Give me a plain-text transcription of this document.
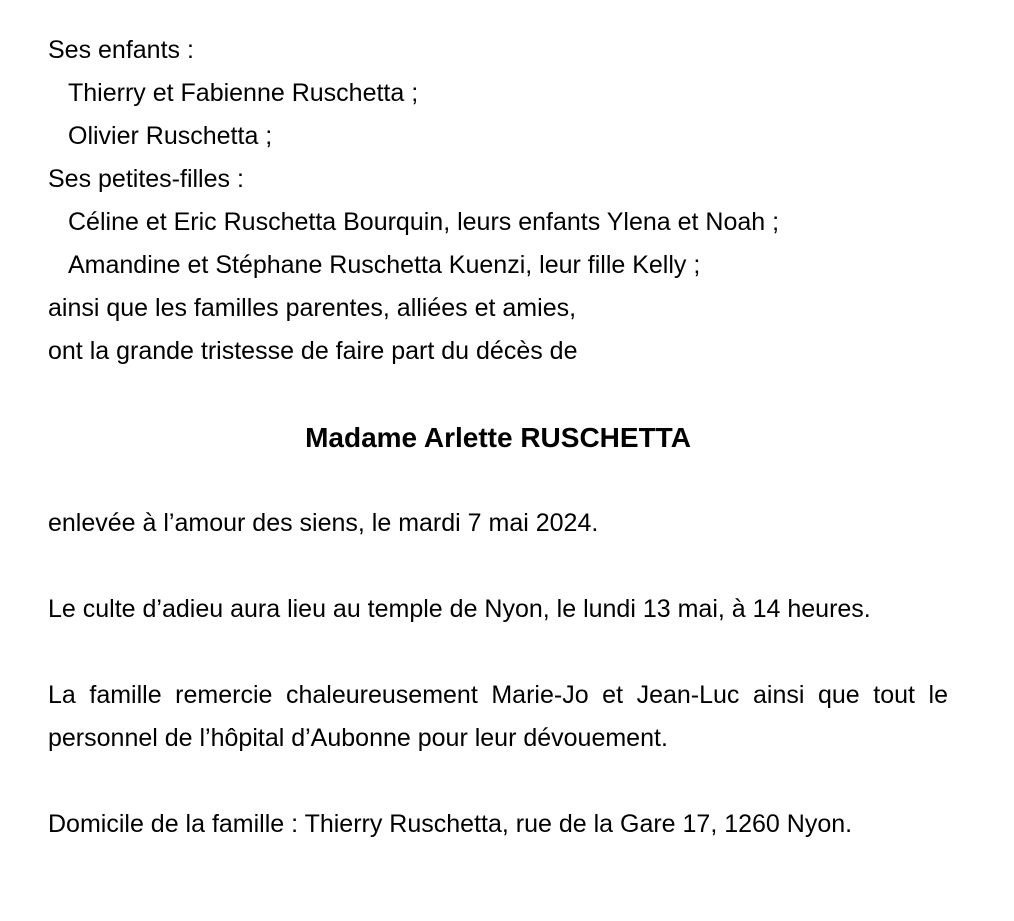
Ses enfants :
Thierry et Fabienne Ruschetta ;
Olivier Ruschetta ;
Ses petites-filles :
Céline et Eric Ruschetta Bourquin, leurs enfants Ylena et Noah ;
Amandine et Stéphane Ruschetta Kuenzi, leur fille Kelly ;
ainsi que les familles parentes, alliées et amies,
ont la grande tristesse de faire part du décès de
Madame Arlette RUSCHETTA

enlevée à l’amour des siens, le mardi 7 mai 2024.

Le culte d’adieu aura lieu au temple de Nyon, le lundi 13 mai, à 14 heures.

La famille remercie chaleureusement Marie-Jo et Jean-Luc ainsi que tout le personnel de l’hôpital d’Aubonne pour leur dévouement.

Domicile de la famille : Thierry Ruschetta, rue de la Gare 17, 1260 Nyon.
